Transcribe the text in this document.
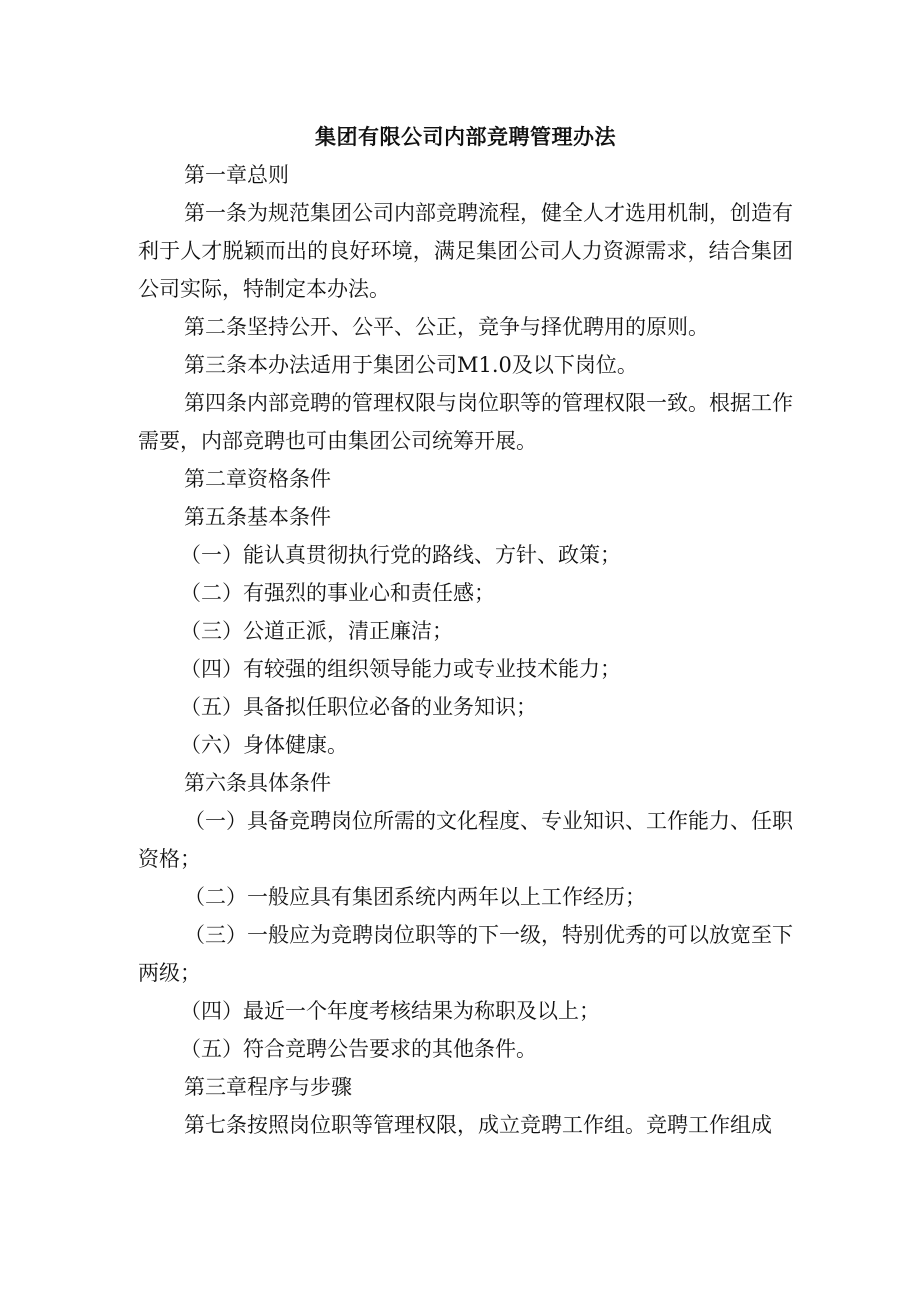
集团有限公司内部竞聘管理办法

第一章总则

第一条为规范集团公司内部竞聘流程，健全人才选用机制，创造有利于人才脱颖而出的良好环境，满足集团公司人力资源需求，结合集团公司实际，特制定本办法。

第二条坚持公开、公平、公正，竞争与择优聘用的原则。

第三条本办法适用于集团公司M1.0及以下岗位。

第四条内部竞聘的管理权限与岗位职等的管理权限一致。根据工作需要，内部竞聘也可由集团公司统筹开展。

第二章资格条件

第五条基本条件

（一）能认真贯彻执行党的路线、方针、政策；

（二）有强烈的事业心和责任感；

（三）公道正派，清正廉洁；

（四）有较强的组织领导能力或专业技术能力；

（五）具备拟任职位必备的业务知识；

（六）身体健康。

第六条具体条件

（一）具备竞聘岗位所需的文化程度、专业知识、工作能力、任职资格；

（二）一般应具有集团系统内两年以上工作经历；

（三）一般应为竞聘岗位职等的下一级，特别优秀的可以放宽至下两级；

（四）最近一个年度考核结果为称职及以上；

（五）符合竞聘公告要求的其他条件。

第三章程序与步骤

第七条按照岗位职等管理权限，成立竞聘工作组。竞聘工作组成
